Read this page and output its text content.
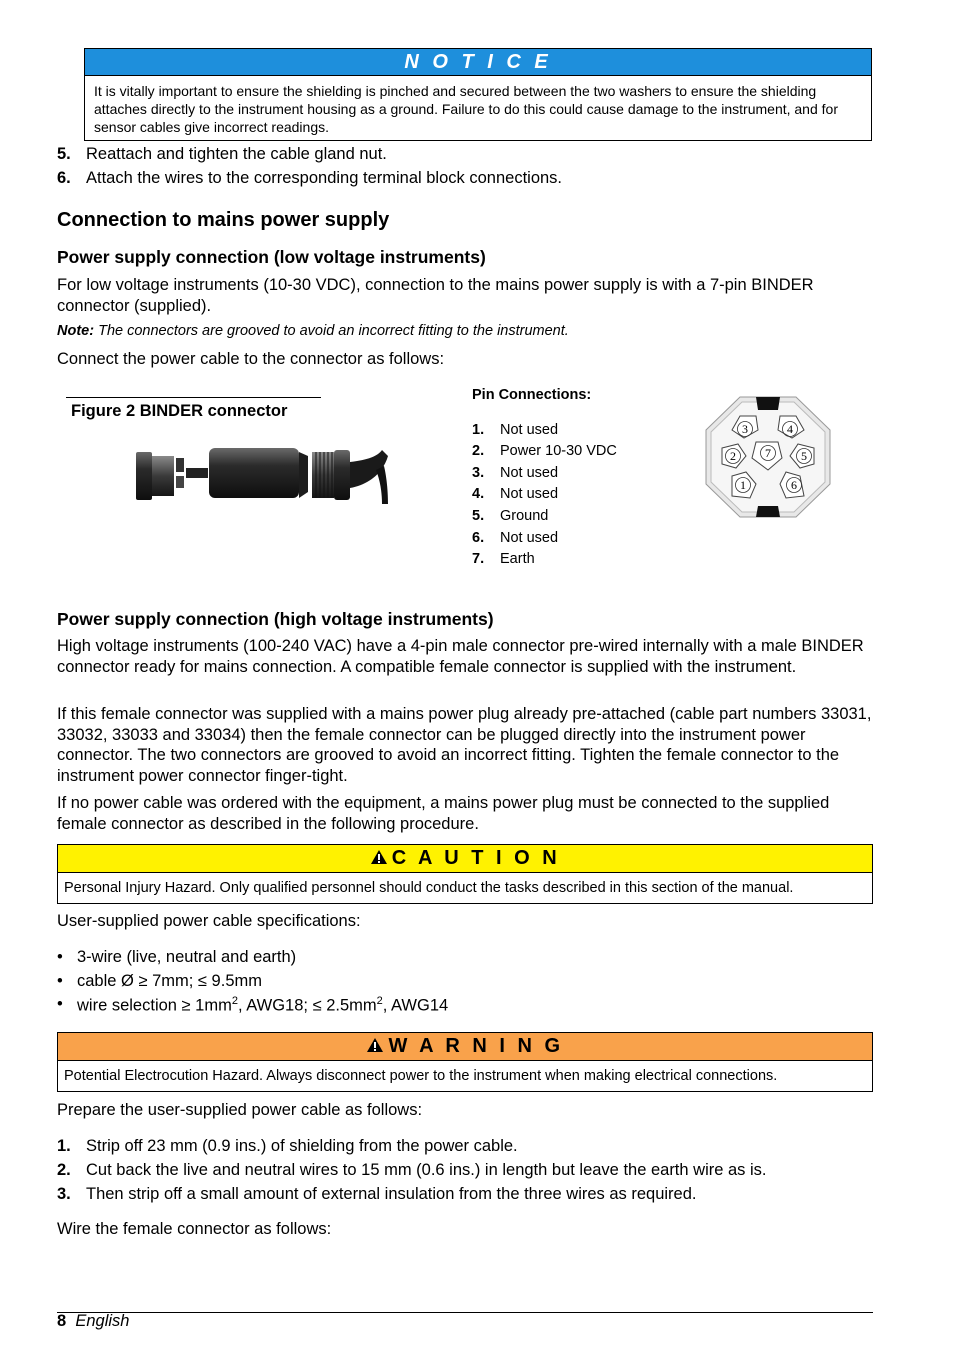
N O T I C E
It is vitally important to ensure the shielding is pinched and secured between the two washers to ensure the shielding attaches directly to the instrument housing as a ground. Failure to do this could cause damage to the instrument, and for sensor cables give incorrect readings.
5. Reattach and tighten the cable gland nut.
6. Attach the wires to the corresponding terminal block connections.
Connection to mains power supply
Power supply connection (low voltage instruments)

For low voltage instruments (10-30 VDC), connection to the mains power supply is with a 7-pin BINDER connector (supplied).

Note: The connectors are grooved to avoid an incorrect fitting to the instrument.

Connect the power cable to the connector as follows:

Figure 2 BINDER connector
Pin Connections:
1. Not used
2. Power 10-30 VDC
3. Not used
4. Not used
5. Ground
6. Not used
7. Earth
3	4
2 7	5
1	6
Power supply connection (high voltage instruments)

High voltage instruments (100-240 VAC) have a 4-pin male connector pre-wired internally with a male BINDER connector ready for mains connection. A compatible female connector is supplied with the instrument.

If this female connector was supplied with a mains power plug already pre-attached (cable part numbers 33031, 33032, 33033 and 33034) then the female connector can be plugged directly into the instrument power connector. The two connectors are grooved to avoid an incorrect fitting. Tighten the female connector to the instrument power connector finger-tight.

If no power cable was ordered with the equipment, a mains power plug must be connected to the supplied female connector as described in the following procedure.

C A U T I O N
Personal Injury Hazard. Only qualified personnel should conduct the tasks described in this section of the manual.

User-supplied power cable specifications:

• 3-wire (live, neutral and earth)
• cable Ø ≥ 7mm; ≤ 9.5mm
• wire selection ≥ $1mm^2$, AWG18; ≤ $2.5mm^2$, AWG14
W A R N I N G
Potential Electrocution Hazard. Always disconnect power to the instrument when making electrical connections.

Prepare the user-supplied power cable as follows:

1. Strip off 23 mm (0.9 ins.) of shielding from the power cable.
2. Cut back the live and neutral wires to 15 mm (0.6 ins.) in length but leave the earth wire as is.
3. Then strip off a small amount of external insulation from the three wires as required.

Wire the female connector as follows:

8 English
